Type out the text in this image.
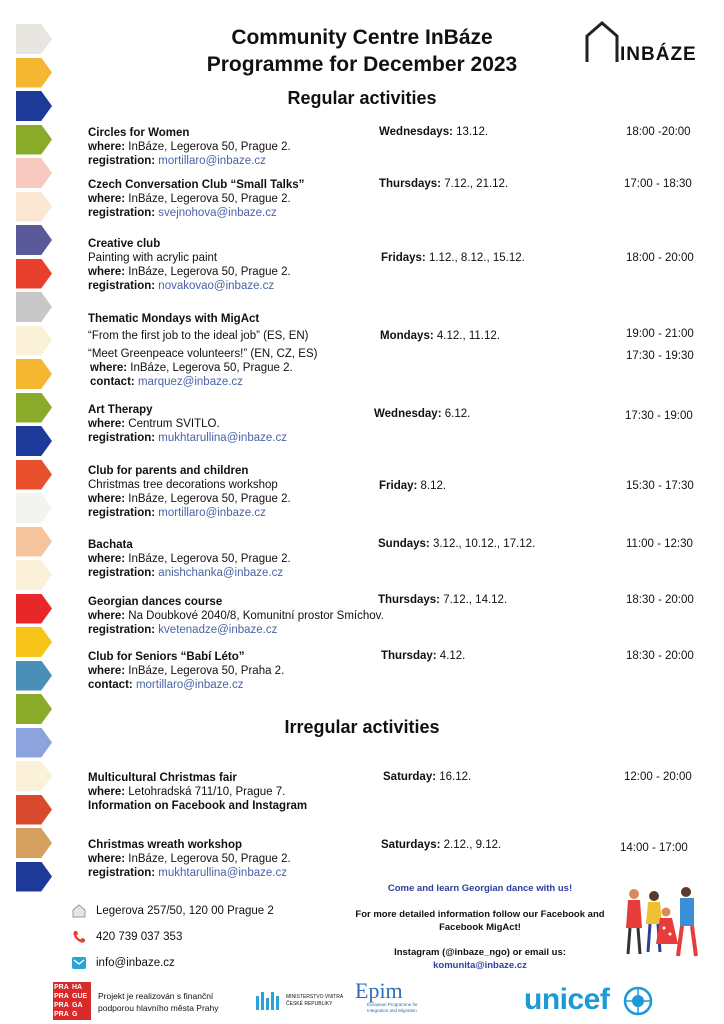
Community Centre InBáze
Programme for December 2023	INBÁZE
Regular activities
Irregular activities
Circles for Women
where: InBáze, Legerova 50, Prague 2.
registration: mortillaro@inbaze.cz
Wednesdays: 13.12.	18:00 -20:00
Czech Conversation Club “Small Talks”
where: InBáze, Legerova 50, Prague 2.
registration: svejnohova@inbaze.cz
Thursdays: 7.12., 21.12.	17:00 - 18:30
Creative club
Painting with acrylic paint
where: InBáze, Legerova 50, Prague 2.
registration: novakovao@inbaze.cz
Fridays: 1.12., 8.12., 15.12.	18:00 - 20:00
Thematic Mondays with MigAct
“From the first job to the ideal job” (ES, EN)
“Meet Greenpeace volunteers!” (EN, CZ, ES)
where: InBáze, Legerova 50, Prague 2.
contact: marquez@inbaze.cz
Mondays: 4.12., 11.12.	19:00 - 21:00
17:30 - 19:30
Art Therapy
where: Centrum SVITLO.
registration: mukhtarullina@inbaze.cz
Wednesday: 6.12.	17:30 - 19:00
Club for parents and children
Christmas tree decorations workshop
where: InBáze, Legerova 50, Prague 2.
registration: mortillaro@inbaze.cz
Friday: 8.12.	15:30 - 17:30
Bachata
where: InBáze, Legerova 50, Prague 2.
registration: anishchanka@inbaze.cz
Sundays: 3.12., 10.12., 17.12.	11:00 - 12:30
Georgian dances course
where: Na Doubkové 2040/8, Komunitní prostor Smíchov.
registration: kvetenadze@inbaze.cz
Thursdays: 7.12., 14.12.	18:30 - 20:00
Club for Seniors “Babí Léto”
where: InBáze, Legerova 50, Praha 2.
contact: mortillaro@inbaze.cz
Thursday: 4.12.	18:30 - 20:00
Multicultural Christmas fair
where: Letohradská 711/10, Prague 7.
Information on Facebook and Instagram
Saturday: 16.12.	12:00 - 20:00
Christmas wreath workshop
where: InBáze, Legerova 50, Prague 2.
registration: mukhtarullina@inbaze.cz
Saturdays: 2.12., 9.12.	14:00 - 17:00
Legerova 257/50, 120 00 Prague 2
420 739 037 353
info@inbaze.cz
Come and learn Georgian dance with us!
For more detailed information follow our Facebook and Facebook MigAct!
Instagram (@inbaze_ngo) or email us:
komunita@inbaze.cz
PRA HA
PRA GUE
PRA GA
PRA G
Projekt je realizován s finanční podporou hlavního města Prahy
MINISTERSTVO VNITRA ČESKÉ REPUBLIKY
Epim
European Programme for Integration and Migration	unicef
